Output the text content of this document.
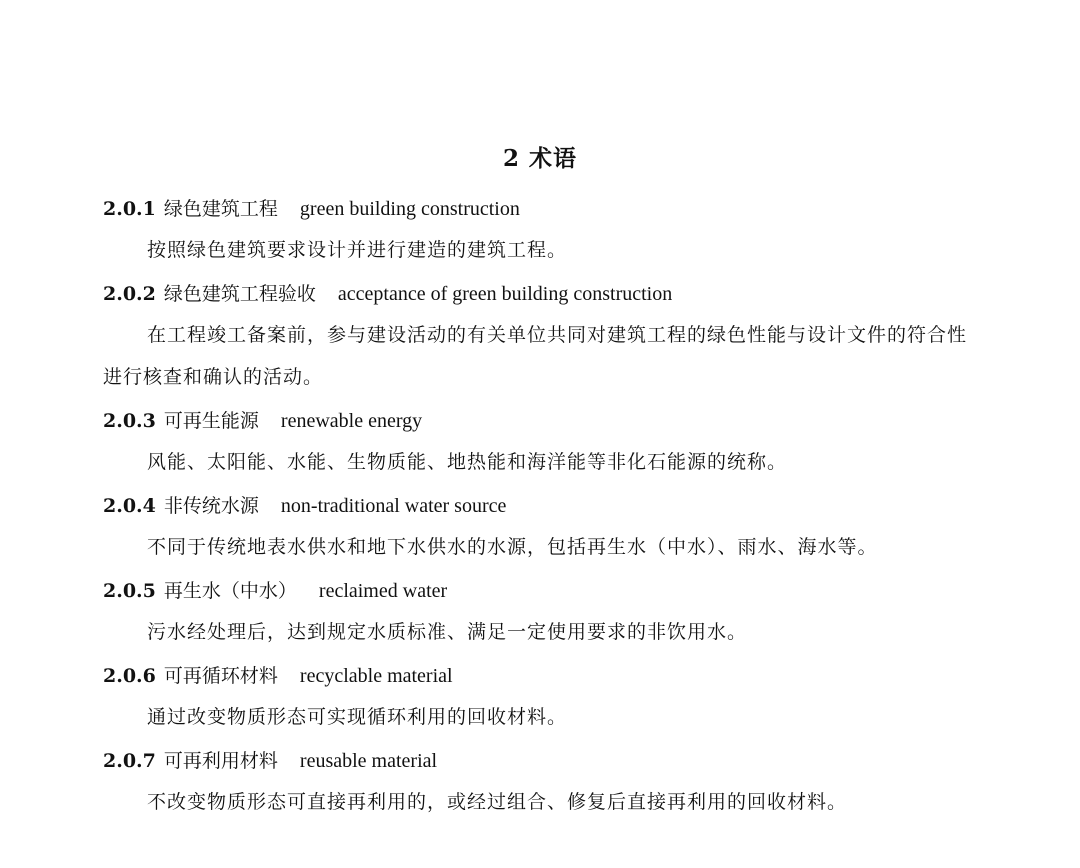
2 术语
2.0.1 绿色建筑工程 green building construction
按照绿色建筑要求设计并进行建造的建筑工程。
2.0.2 绿色建筑工程验收 acceptance of green building construction
在工程竣工备案前，参与建设活动的有关单位共同对建筑工程的绿色性能与设计文件的符合性进行核查和确认的活动。
2.0.3 可再生能源 renewable energy
风能、太阳能、水能、生物质能、地热能和海洋能等非化石能源的统称。
2.0.4 非传统水源 non-traditional water source
不同于传统地表水供水和地下水供水的水源，包括再生水（中水）、雨水、海水等。
2.0.5 再生水（中水） reclaimed water
污水经处理后，达到规定水质标准、满足一定使用要求的非饮用水。
2.0.6 可再循环材料 recyclable material
通过改变物质形态可实现循环利用的回收材料。
2.0.7 可再利用材料 reusable material
不改变物质形态可直接再利用的，或经过组合、修复后直接再利用的回收材料。
